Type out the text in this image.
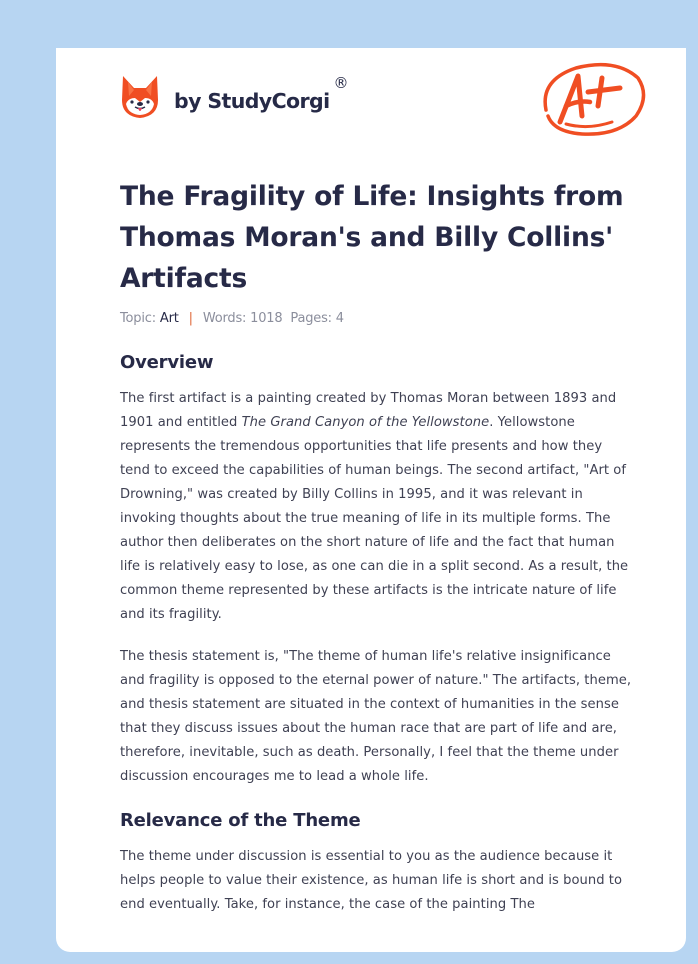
by StudyCorgi
®
The Fragility of Life: Insights from Thomas Moran's and Billy Collins' Artifacts
Topic: Art | Words: 1018 Pages: 4
Overview

The first artifact is a painting created by Thomas Moran between 1893 and 1901 and entitled The Grand Canyon of the Yellowstone. Yellowstone represents the tremendous opportunities that life presents and how they tend to exceed the capabilities of human beings. The second artifact, "Art of Drowning," was created by Billy Collins in 1995, and it was relevant in invoking thoughts about the true meaning of life in its multiple forms. The author then deliberates on the short nature of life and the fact that human life is relatively easy to lose, as one can die in a split second. As a result, the common theme represented by these artifacts is the intricate nature of life and its fragility.

The thesis statement is, "The theme of human life's relative insignificance and fragility is opposed to the eternal power of nature." The artifacts, theme, and thesis statement are situated in the context of humanities in the sense that they discuss issues about the human race that are part of life and are, therefore, inevitable, such as death. Personally, I feel that the theme under discussion encourages me to lead a whole life.

Relevance of the Theme

The theme under discussion is essential to you as the audience because it helps people to value their existence, as human life is short and is bound to end eventually. Take, for instance, the case of the painting The
